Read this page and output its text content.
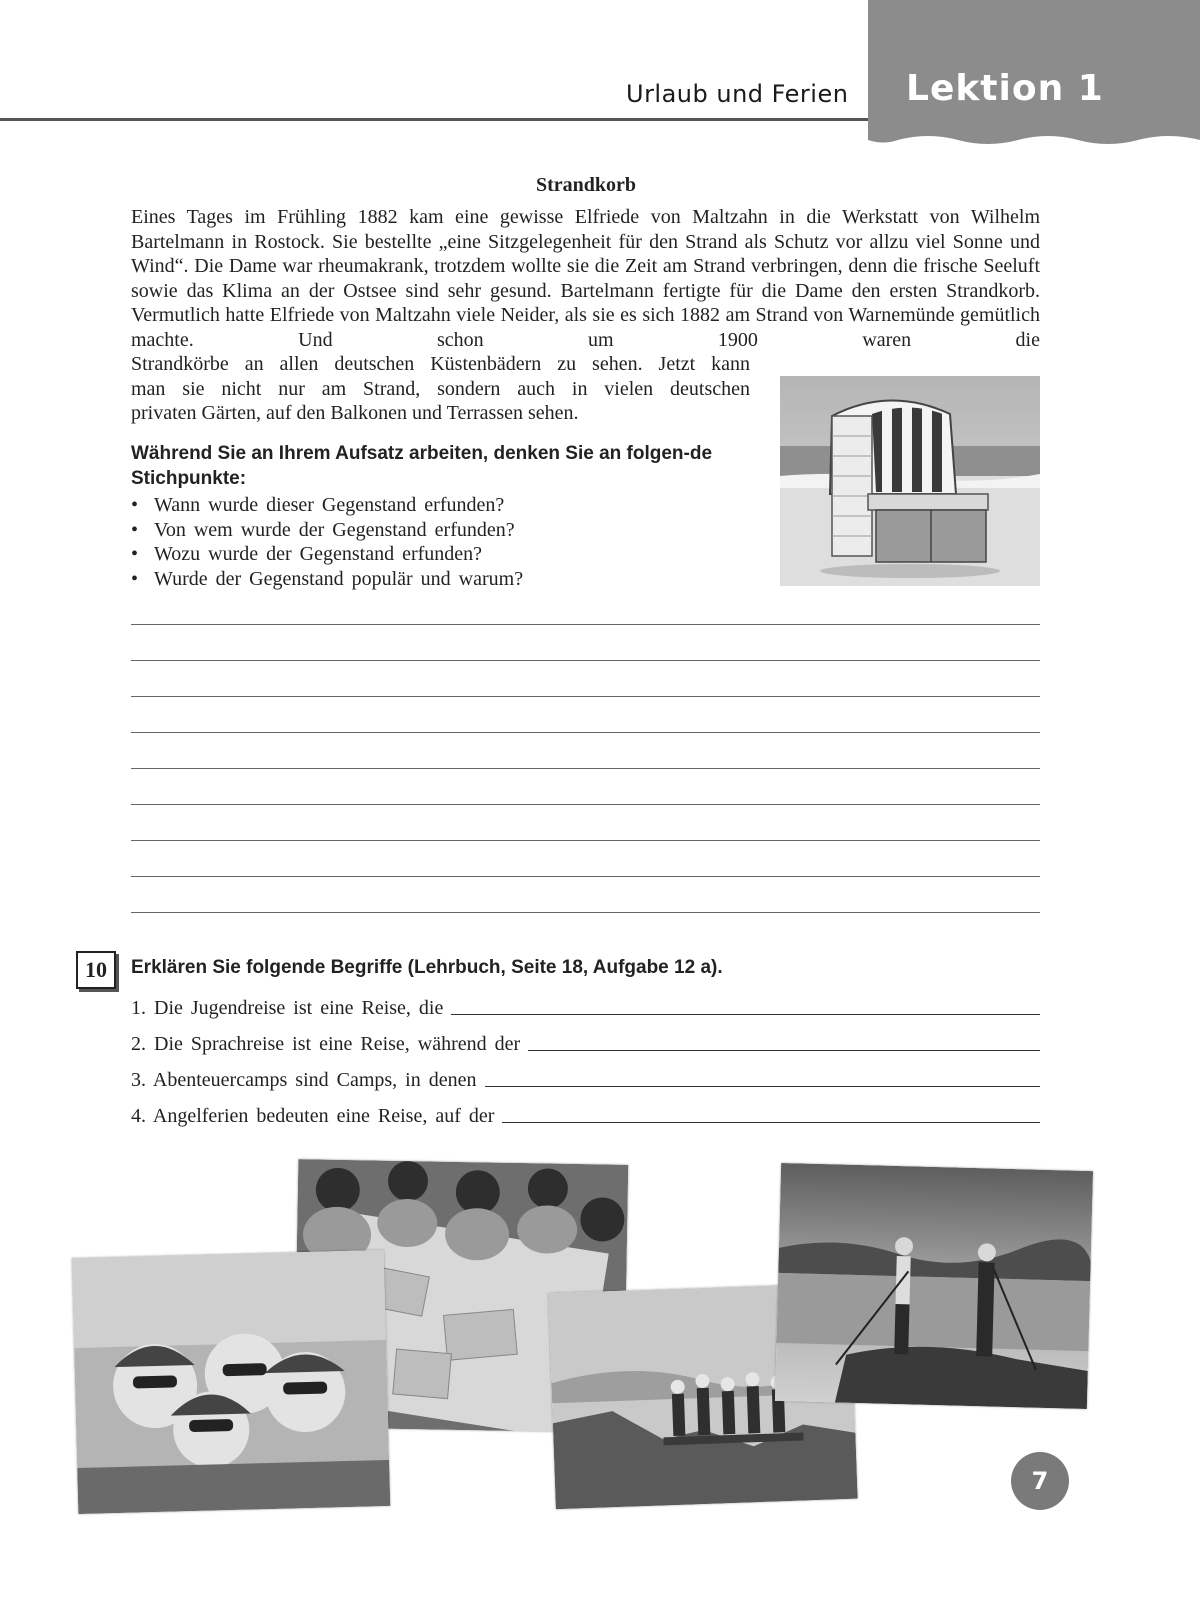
Urlaub und Ferien Lektion 1
Strandkorb

Eines Tages im Frühling 1882 kam eine gewisse Elfriede von Maltzahn in die Werkstatt von Wilhelm Bartelmann in Rostock. Sie bestellte „eine Sitzgelegenheit für den Strand als Schutz vor allzu viel Sonne und Wind“. Die Dame war rheumakrank, trotzdem wollte sie die Zeit am Strand verbringen, denn die frische Seeluft sowie das Klima an der Ostsee sind sehr gesund. Bartelmann fertigte für die Dame den ersten Strandkorb. Vermutlich hatte Elfriede von Maltzahn viele Neider, als sie es sich 1882 am Strand von Warnemünde gemütlich machte. Und schon um 1900 waren die

Strandkörbe an allen deutschen Küstenbädern zu sehen. Jetzt kann
man sie nicht nur am Strand, sondern auch in vielen deutschen
privaten Gärten, auf den Balkonen und Terrassen sehen.

Während Sie an Ihrem Aufsatz arbeiten, denken Sie an folgen-de Stichpunkte:

• Wann wurde dieser Gegenstand erfunden?
• Von wem wurde der Gegenstand erfunden?
• Wozu wurde der Gegenstand erfunden?
• Wurde der Gegenstand populär und warum?
10	Erklären Sie folgende Begriffe (Lehrbuch, Seite 18, Aufgabe 12 a).
1. Die Jugendreise ist eine Reise, die
2. Die Sprachreise ist eine Reise, während der
3. Abenteuercamps sind Camps, in denen
4. Angelferien bedeuten eine Reise, auf der
7
